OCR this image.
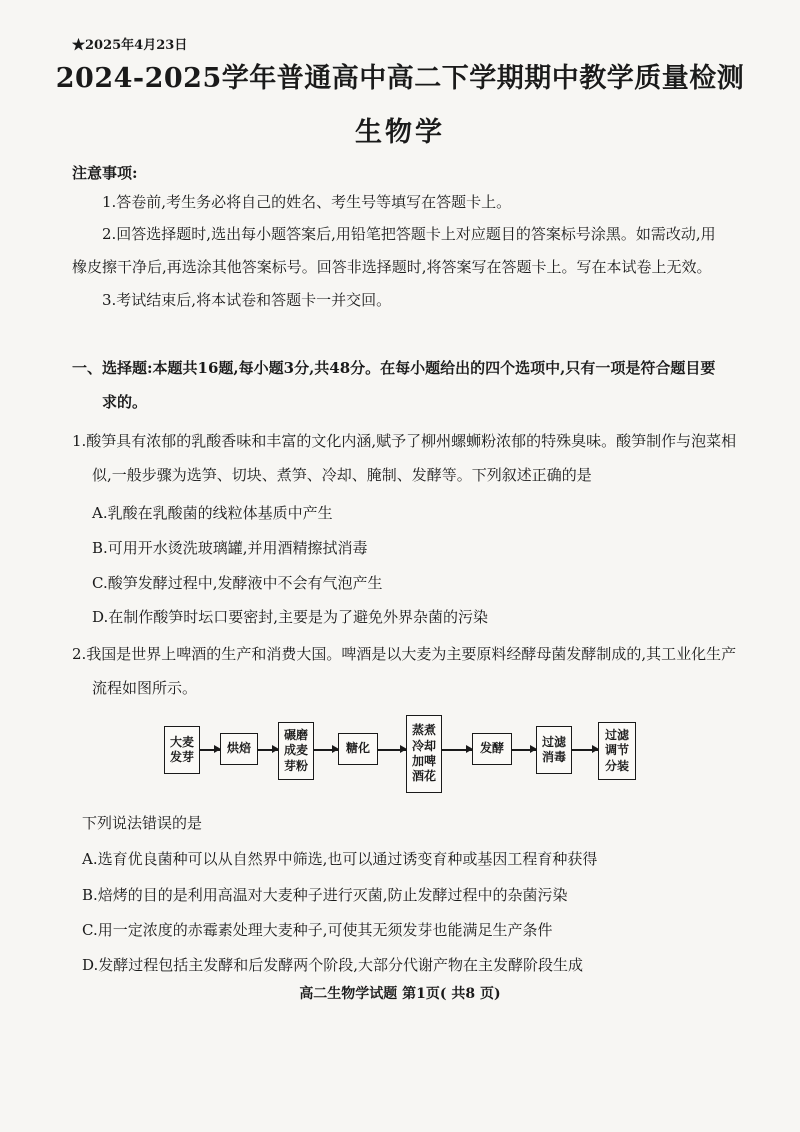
★2025年4月23日
2024-2025学年普通高中高二下学期期中教学质量检测
生物学
注意事项:
1.答卷前,考生务必将自己的姓名、考生号等填写在答题卡上。
2.回答选择题时,选出每小题答案后,用铅笔把答题卡上对应题目的答案标号涂黑。如需改动,用
橡皮擦干净后,再选涂其他答案标号。回答非选择题时,将答案写在答题卡上。写在本试卷上无效。
3.考试结束后,将本试卷和答题卡一并交回。
一、选择题:本题共16题,每小题3分,共48分。在每小题给出的四个选项中,只有一项是符合题目要
求的。
1.酸笋具有浓郁的乳酸香味和丰富的文化内涵,赋予了柳州螺蛳粉浓郁的特殊臭味。酸笋制作与泡菜相
似,一般步骤为选笋、切块、煮笋、冷却、腌制、发酵等。下列叙述正确的是
A.乳酸在乳酸菌的线粒体基质中产生
B.可用开水烫洗玻璃罐,并用酒精擦拭消毒
C.酸笋发酵过程中,发酵液中不会有气泡产生
D.在制作酸笋时坛口要密封,主要是为了避免外界杂菌的污染
2.我国是世界上啤酒的生产和消费大国。啤酒是以大麦为主要原料经酵母菌发酵制成的,其工业化生产
流程如图所示。
大麦发芽
烘焙
碾磨成麦芽粉
糖化
蒸煮冷却加啤酒花
发酵	过滤消毒
过滤调节分装
下列说法错误的是
A.选育优良菌种可以从自然界中筛选,也可以通过诱变育种或基因工程育种获得
B.焙烤的目的是利用高温对大麦种子进行灭菌,防止发酵过程中的杂菌污染
C.用一定浓度的赤霉素处理大麦种子,可使其无须发芽也能满足生产条件
D.发酵过程包括主发酵和后发酵两个阶段,大部分代谢产物在主发酵阶段生成
高二生物学试题 第1页( 共8 页)
